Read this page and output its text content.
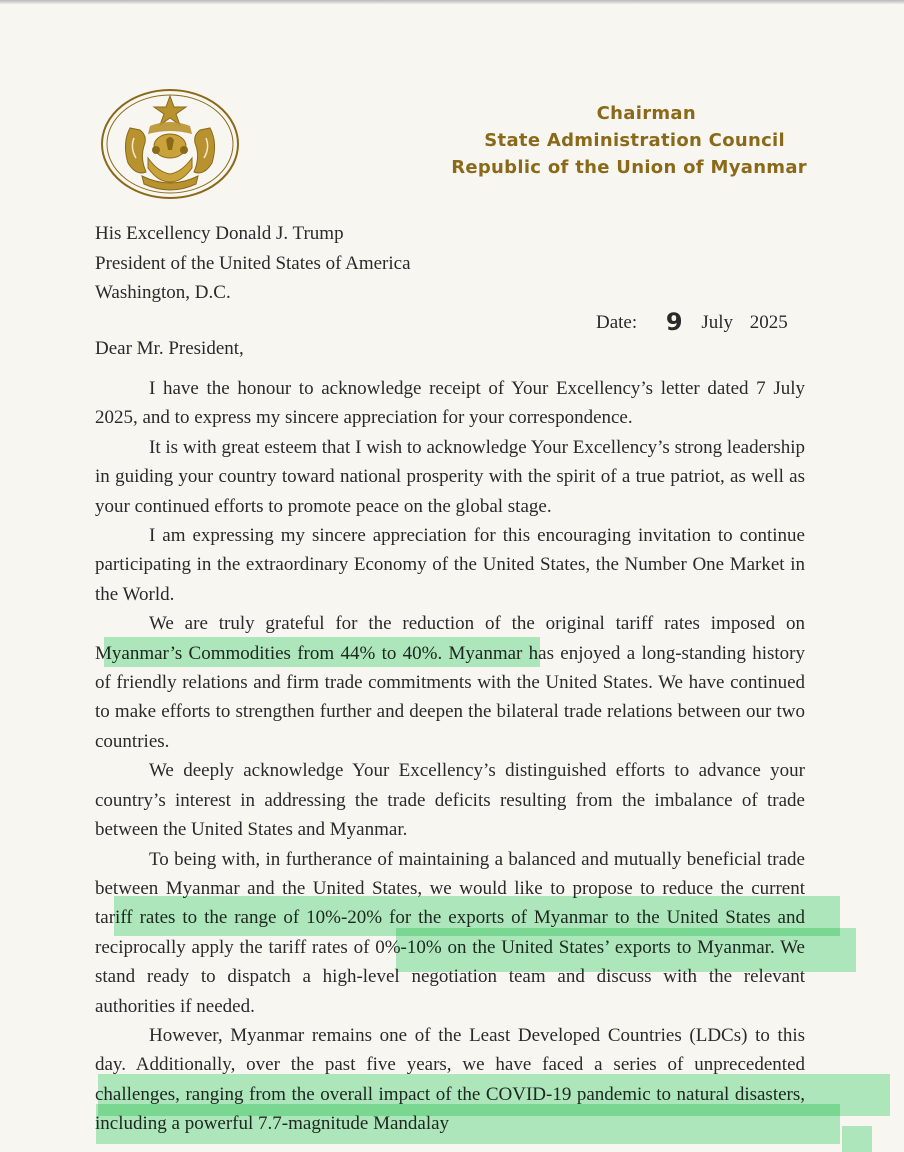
Chairman
State Administration Council
Republic of the Union of Myanmar
His Excellency Donald J. Trump
President of the United States of America
Washington, D.C.
Date: 9 July 2025
Dear Mr. President,

I have the honour to acknowledge receipt of Your Excellency’s letter dated 7 July 2025, and to express my sincere appreciation for your correspondence.

It is with great esteem that I wish to acknowledge Your Excellency’s strong leadership in guiding your country toward national prosperity with the spirit of a true patriot, as well as your continued efforts to promote peace on the global stage.

I am expressing my sincere appreciation for this encouraging invitation to continue participating in the extraordinary Economy of the United States, the Number One Market in the World.

We are truly grateful for the reduction of the original tariff rates imposed on Myanmar’s Commodities from 44% to 40%. Myanmar has enjoyed a long-standing history of friendly relations and firm trade commitments with the United States. We have continued to make efforts to strengthen further and deepen the bilateral trade relations between our two countries.

We deeply acknowledge Your Excellency’s distinguished efforts to advance your country’s interest in addressing the trade deficits resulting from the imbalance of trade between the United States and Myanmar.

To being with, in furtherance of maintaining a balanced and mutually beneficial trade between Myanmar and the United States, we would like to propose to reduce the current tariff rates to the range of 10%-20% for the exports of Myanmar to the United States and reciprocally apply the tariff rates of 0%-10% on the United States’ exports to Myanmar. We stand ready to dispatch a high-level negotiation team and discuss with the relevant authorities if needed.

However, Myanmar remains one of the Least Developed Countries (LDCs) to this day. Additionally, over the past five years, we have faced a series of unprecedented challenges, ranging from the overall impact of the COVID-19 pandemic to natural disasters, including a powerful 7.7-magnitude Mandalay
